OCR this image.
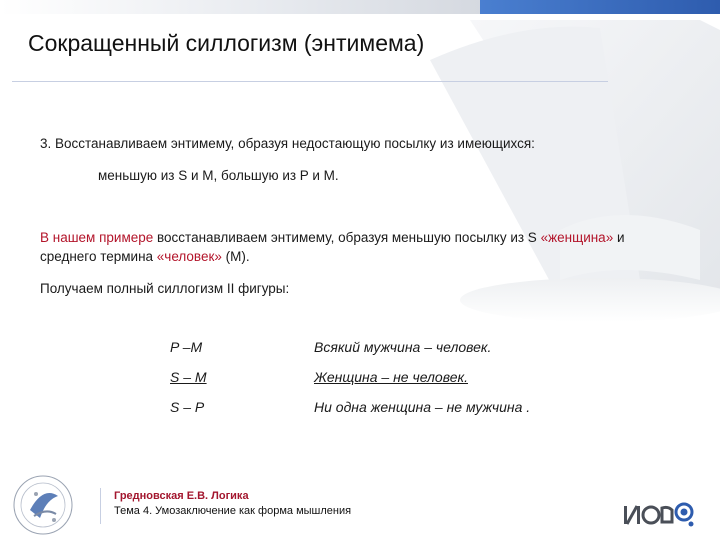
Сокращенный силлогизм (энтимема)
3. Восстанавливаем энтимему, образуя недостающую посылку из имеющихся:
меньшую из S и M, большую из P и M.
В нашем примере восстанавливаем энтимему, образуя меньшую посылку из S «женщина» и среднего термина «человек» (М).
Получаем полный силлогизм II фигуры:
P –M	Всякий мужчина – человек.
S – M	Женщина – не человек.
S – P	Ни одна женщина – не мужчина .
Гредновская Е.В. Логика
Тема 4. Умозаключение как форма мышления
